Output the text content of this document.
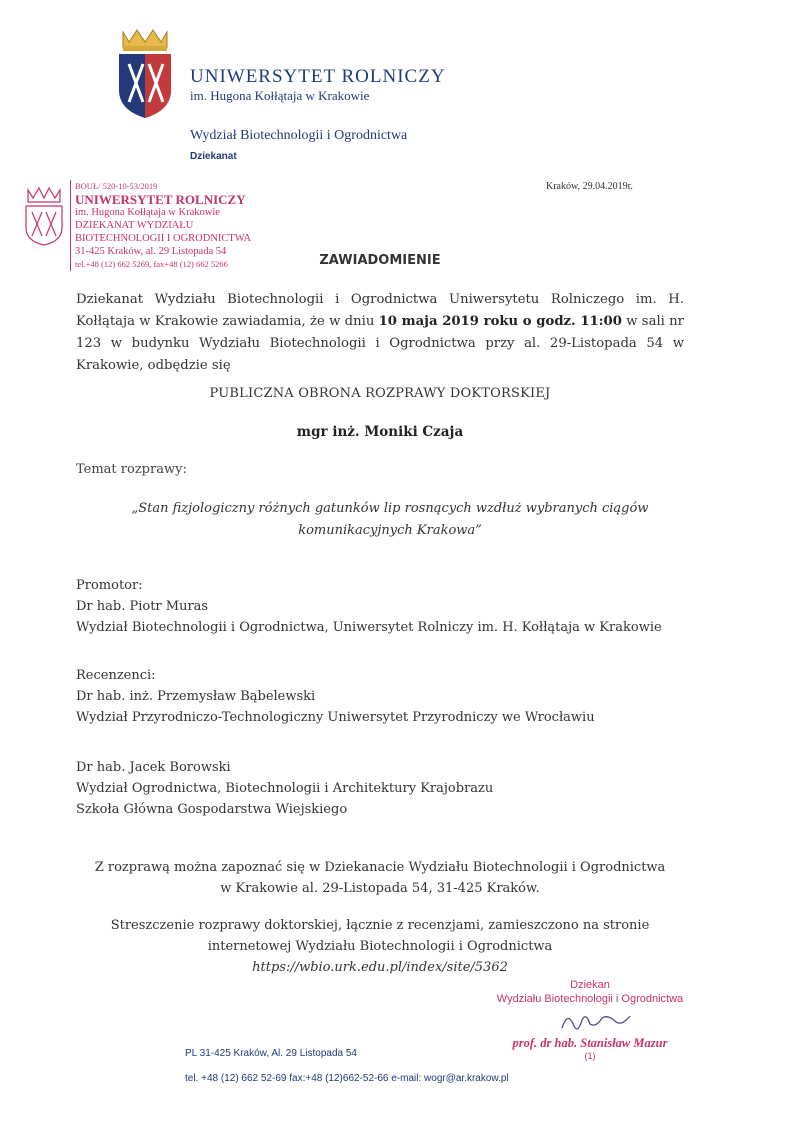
UNIWERSYTET ROLNICZY
im. Hugona Kołłątaja w Krakowie
Wydział Biotechnologii i Ogrodnictwa
Dziekanat
BOUŁ/ 520-10-53/2019
UNIWERSYTET ROLNICZY
im. Hugona Kołłątaja w Krakowie
DZIEKANAT WYDZIAŁU
BIOTECHNOLOGII I OGRODNICTWA
31-425 Kraków, al. 29 Listopada 54
tel.+48 (12) 662 5269, fax+48 (12) 662 5266
Kraków, 29.04.2019r.
ZAWIADOMIENIE
Dziekanat Wydziału Biotechnologii i Ogrodnictwa Uniwersytetu Rolniczego im. H. Kołłątaja w Krakowie zawiadamia, że w dniu 10 maja 2019 roku o godz. 11:00 w sali nr 123 w budynku Wydziału Biotechnologii i Ogrodnictwa przy al. 29-Listopada 54 w Krakowie, odbędzie się
PUBLICZNA OBRONA ROZPRAWY DOKTORSKIEJ
mgr inż. Moniki Czaja
Temat rozprawy:
„Stan fizjologiczny różnych gatunków lip rosnących wzdłuż wybranych ciągów komunikacyjnych Krakowa”
Promotor:
Dr hab. Piotr Muras
Wydział Biotechnologii i Ogrodnictwa, Uniwersytet Rolniczy im. H. Kołłątaja w Krakowie
Recenzenci:
Dr hab. inż. Przemysław Bąbelewski
Wydział Przyrodniczo-Technologiczny Uniwersytet Przyrodniczy we Wrocławiu
Dr hab. Jacek Borowski
Wydział Ogrodnictwa, Biotechnologii i Architektury Krajobrazu
Szkoła Główna Gospodarstwa Wiejskiego
Z rozprawą można zapoznać się w Dziekanacie Wydziału Biotechnologii i Ogrodnictwa
w Krakowie al. 29-Listopada 54, 31-425 Kraków.
Streszczenie rozprawy doktorskiej, łącznie z recenzjami, zamieszczono na stronie
internetowej Wydziału Biotechnologii i Ogrodnictwa
https://wbio.urk.edu.pl/index/site/5362
Dziekan
Wydziału Biotechnologii i Ogrodnictwa
prof. dr hab. Stanisław Mazur
(1)
PL 31-425 Kraków, Al. 29 Listopada 54
tel. +48 (12) 662 52-69 fax:+48 (12)662-52-66 e-mail: wogr@ar.krakow.pl
